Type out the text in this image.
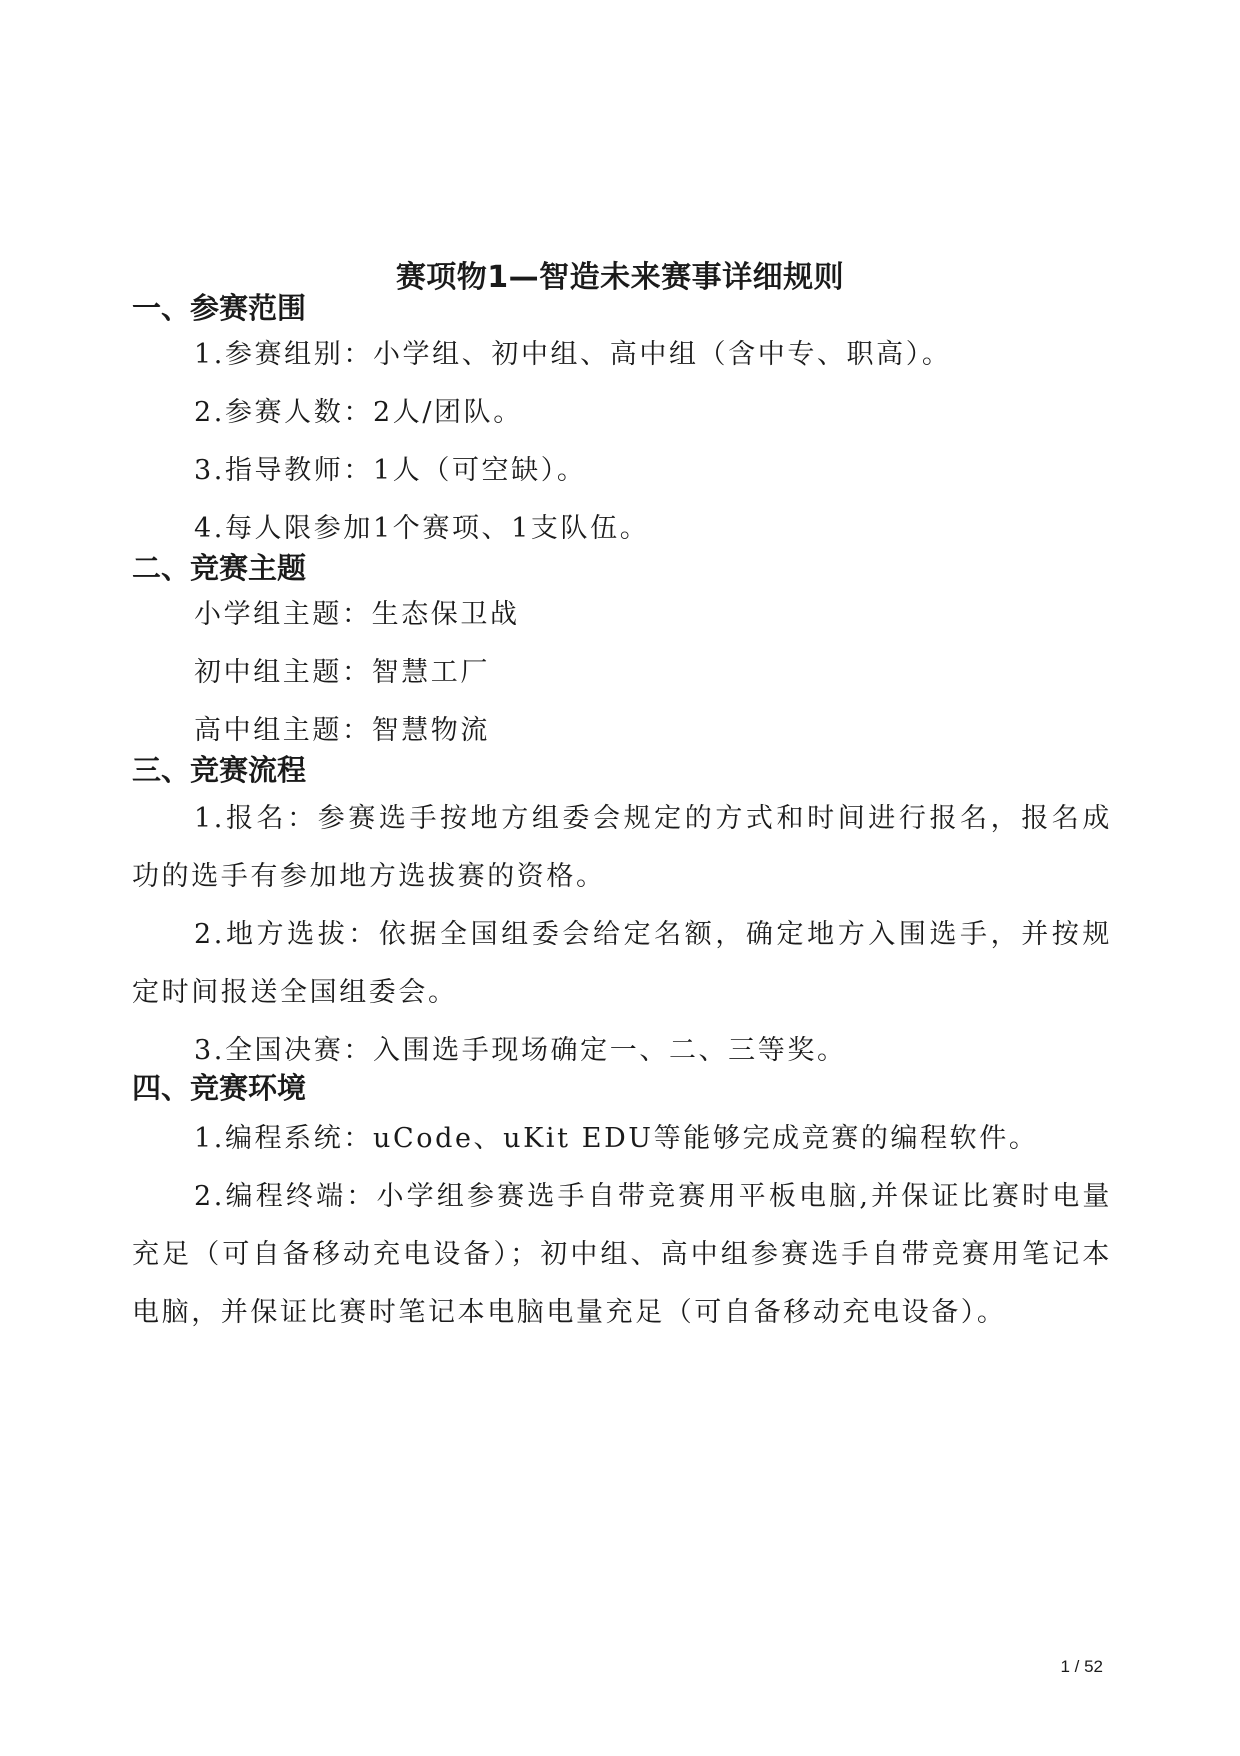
赛项物1—智造未来赛事详细规则
一、参赛范围

1.参赛组别：小学组、初中组、高中组（含中专、职高）。

2.参赛人数：2人/团队。

3.指导教师：1人（可空缺）。

4.每人限参加1个赛项、1支队伍。

二、竞赛主题

小学组主题：生态保卫战

初中组主题：智慧工厂

高中组主题：智慧物流

三、竞赛流程

1.报名：参赛选手按地方组委会规定的方式和时间进行报名，报名成功的选手有参加地方选拔赛的资格。

2.地方选拔：依据全国组委会给定名额，确定地方入围选手，并按规定时间报送全国组委会。

3.全国决赛：入围选手现场确定一、二、三等奖。

四、竞赛环境

1.编程系统：uCode、uKit EDU等能够完成竞赛的编程软件。

2.编程终端：小学组参赛选手自带竞赛用平板电脑,并保证比赛时电量充足（可自备移动充电设备）；初中组、高中组参赛选手自带竞赛用笔记本电脑，并保证比赛时笔记本电脑电量充足（可自备移动充电设备）。

1 / 52
